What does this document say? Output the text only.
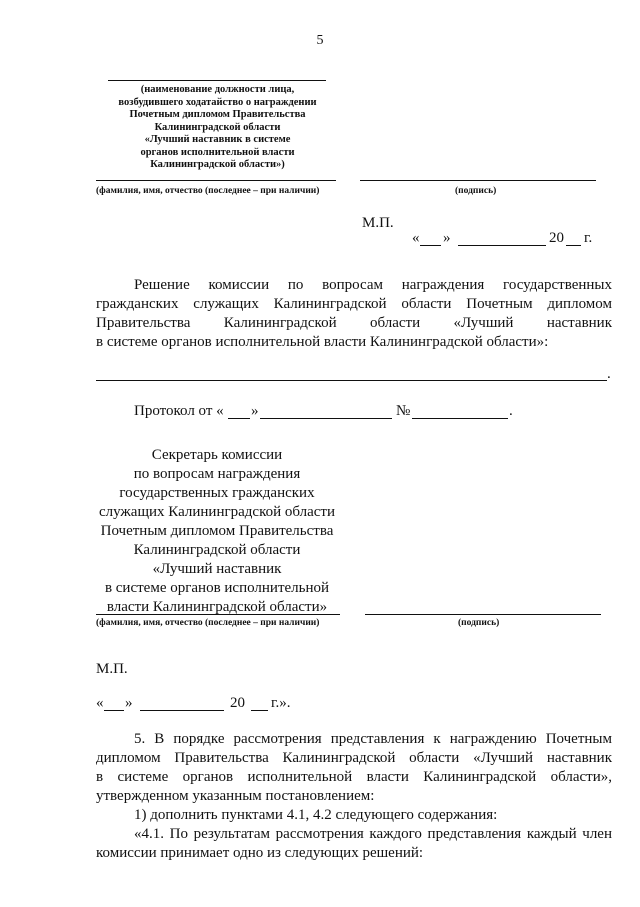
5
(наименование должности лица,
возбудившего ходатайство о награждении
Почетным дипломом Правительства
Калининградской области
«Лучший наставник в системе
органов исполнительной власти
Калининградской области»)
(фамилия, имя, отчество (последнее – при наличии)	(подпись)
М.П.
« »	20 г.
Решение комиссии по вопросам награждения государственных
гражданских служащих Калининградской области Почетным дипломом
Правительства Калининградской области «Лучший наставник
в системе органов исполнительной власти Калининградской области»:
.
Протокол от « »	№	.
Секретарь комиссии
по вопросам награждения
государственных гражданских
служащих Калининградской области
Почетным дипломом Правительства
Калининградской области
«Лучший наставник
в системе органов исполнительной
власти Калининградской области»
(фамилия, имя, отчество (последнее – при наличии)	(подпись)
М.П.
« »	20 г.».
5. В порядке рассмотрения представления к награждению Почетным
дипломом Правительства Калининградской области «Лучший наставник
в системе органов исполнительной власти Калининградской области»,
утвержденном указанным постановлением:
1) дополнить пунктами 4.1, 4.2 следующего содержания:
«4.1. По результатам рассмотрения каждого представления каждый член
комиссии принимает одно из следующих решений:
